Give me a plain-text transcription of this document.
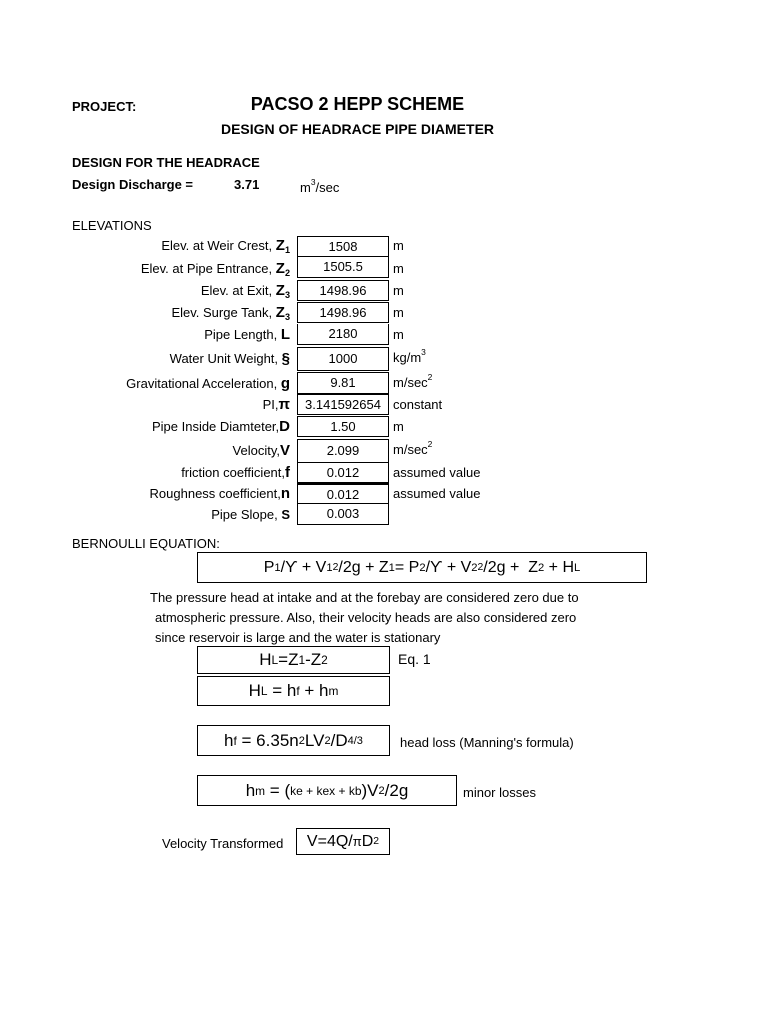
PROJECT:	PACSO 2 HEPP SCHEME
DESIGN OF HEADRACE PIPE DIAMETER
DESIGN FOR THE HEADRACE
Design Discharge =	3.71	$m^3/\sec$
ELEVATIONS
Elev. at Weir Crest, $Z_1$	1508	m
Elev. at Pipe Entrance, $Z_2$	1505.5	m
Elev. at Exit, $Z_3$	1498.96	m
Elev. Surge Tank, $Z_3$	1498.96	m
Pipe Length, L	2180	m
Water Unit Weight, §	1000	$kg/m^3$
Gravitational Acceleration, g	9.81	$m/\sec^2$
PI,π	3.141592654 constant
Pipe Inside Diamteter,D	1.50	m
Velocity,V	2.099	$m/\sec^2$
friction coefficient,f	0.012	assumed value
Roughness coefficient,n	0.012	assumed value
Pipe Slope, S	0.003
BERNOULLI EQUATION:
P 1 /ϒ + V 1 2 /2g + Z 1 = P 2 /ϒ + V 2 2 /2g +  Z 2 + H L
The pressure head at intake and at the forebay are considered zero due to
atmospheric pressure. Also, their velocity heads are also considered zero
since reservoir is large and the water is stationary
H L =Z 1 -Z 2	Eq. 1
H L = h f + h m
h f = 6.35n 2 LV 2 /D 4/3	head loss (Manning's formula)
h m = ( ke + kex + kb )V 2 /2g	minor losses
Velocity Transformed V=4Q/ π D 2
